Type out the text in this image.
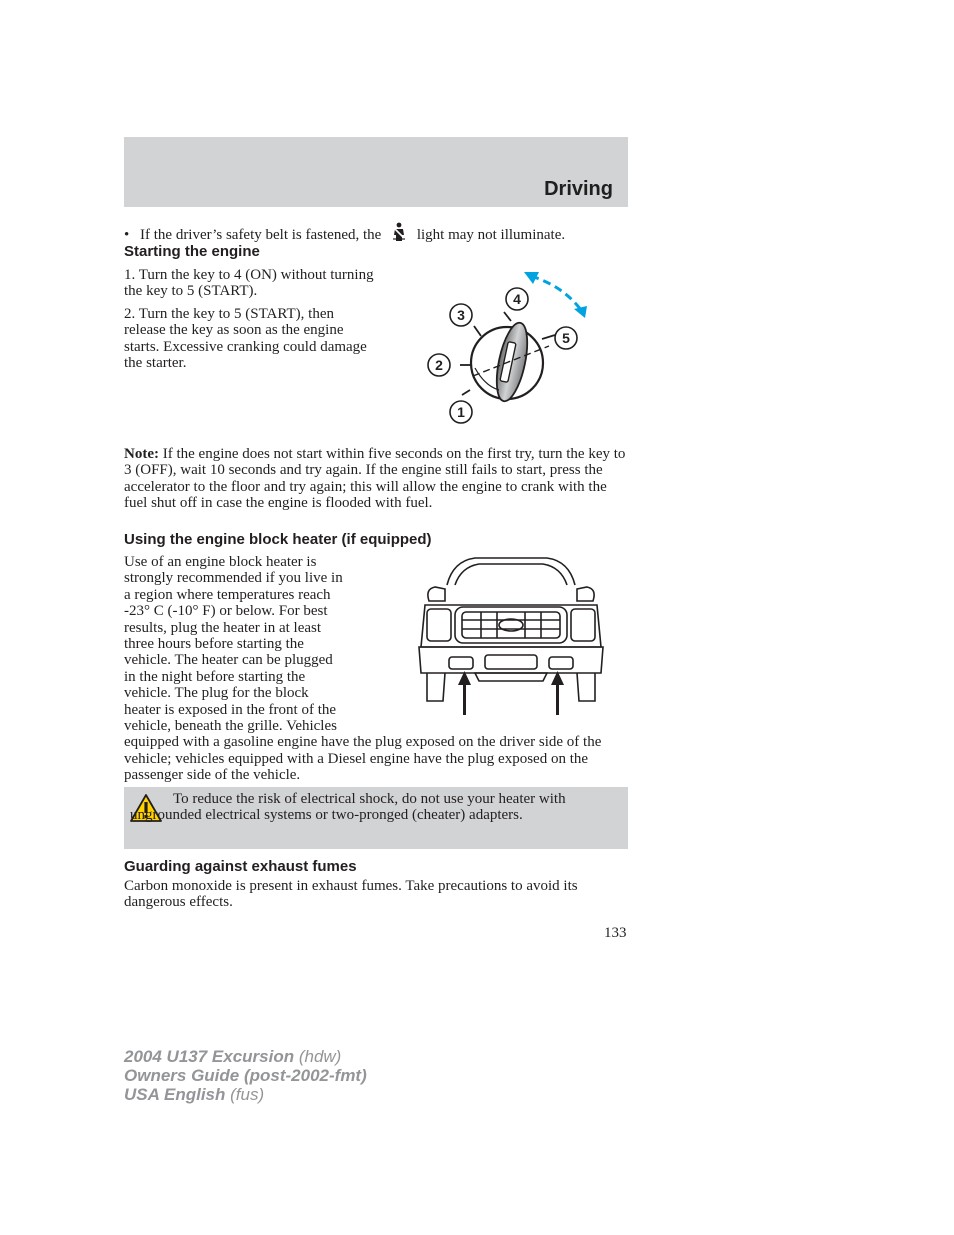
Driving
• If the driver’s safety belt is fastened, the light may not illuminate.
Starting the engine
1. Turn the key to 4 (ON) without turning the key to 5 (START).
2. Turn the key to 5 (START), then release the key as soon as the engine starts. Excessive cranking could damage the starter.
1
2
3
4
5
Note: If the engine does not start within five seconds on the first try, turn the key to 3 (OFF), wait 10 seconds and try again. If the engine still fails to start, press the accelerator to the floor and try again; this will allow the engine to crank with the fuel shut off in case the engine is flooded with fuel.
Using the engine block heater (if equipped)
Use of an engine block heater is
strongly recommended if you live in
a region where temperatures reach
-23° C (-10° F) or below. For best
results, plug the heater in at least
three hours before starting the
vehicle. The heater can be plugged
in the night before starting the
vehicle. The plug for the block
heater is exposed in the front of the
vehicle, beneath the grille. Vehicles
equipped with a gasoline engine have the plug exposed on the driver side of the vehicle; vehicles equipped with a Diesel engine have the plug exposed on the passenger side of the vehicle.
To reduce the risk of electrical shock, do not use your heater with ungrounded electrical systems or two-pronged (cheater) adapters.
Guarding against exhaust fumes
Carbon monoxide is present in exhaust fumes. Take precautions to avoid its dangerous effects.
133
2004 U137 Excursion (hdw)
Owners Guide (post-2002-fmt)
USA English (fus)
